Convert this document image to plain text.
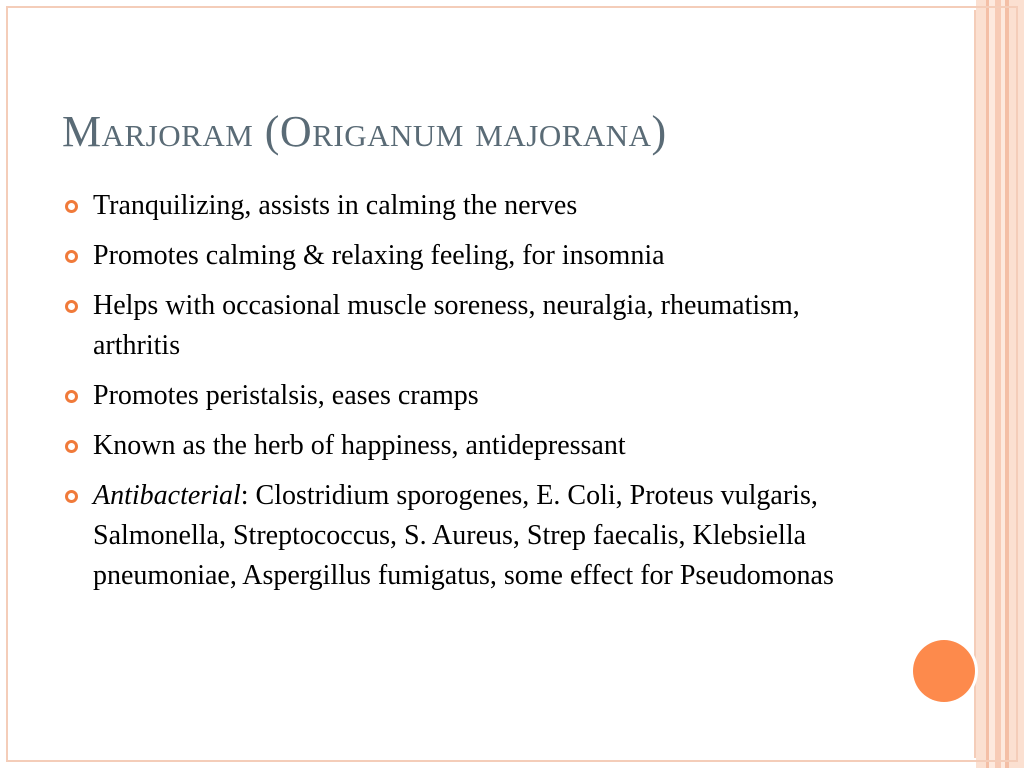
Marjoram (Origanum majorana)
Tranquilizing, assists in calming the nerves
Promotes calming & relaxing feeling, for insomnia
Helps with occasional muscle soreness, neuralgia, rheumatism, arthritis
Promotes peristalsis, eases cramps
Known as the herb of happiness, antidepressant
Antibacterial: Clostridium sporogenes, E. Coli, Proteus vulgaris, Salmonella, Streptococcus, S. Aureus, Strep faecalis, Klebsiella pneumoniae, Aspergillus fumigatus, some effect for Pseudomonas
